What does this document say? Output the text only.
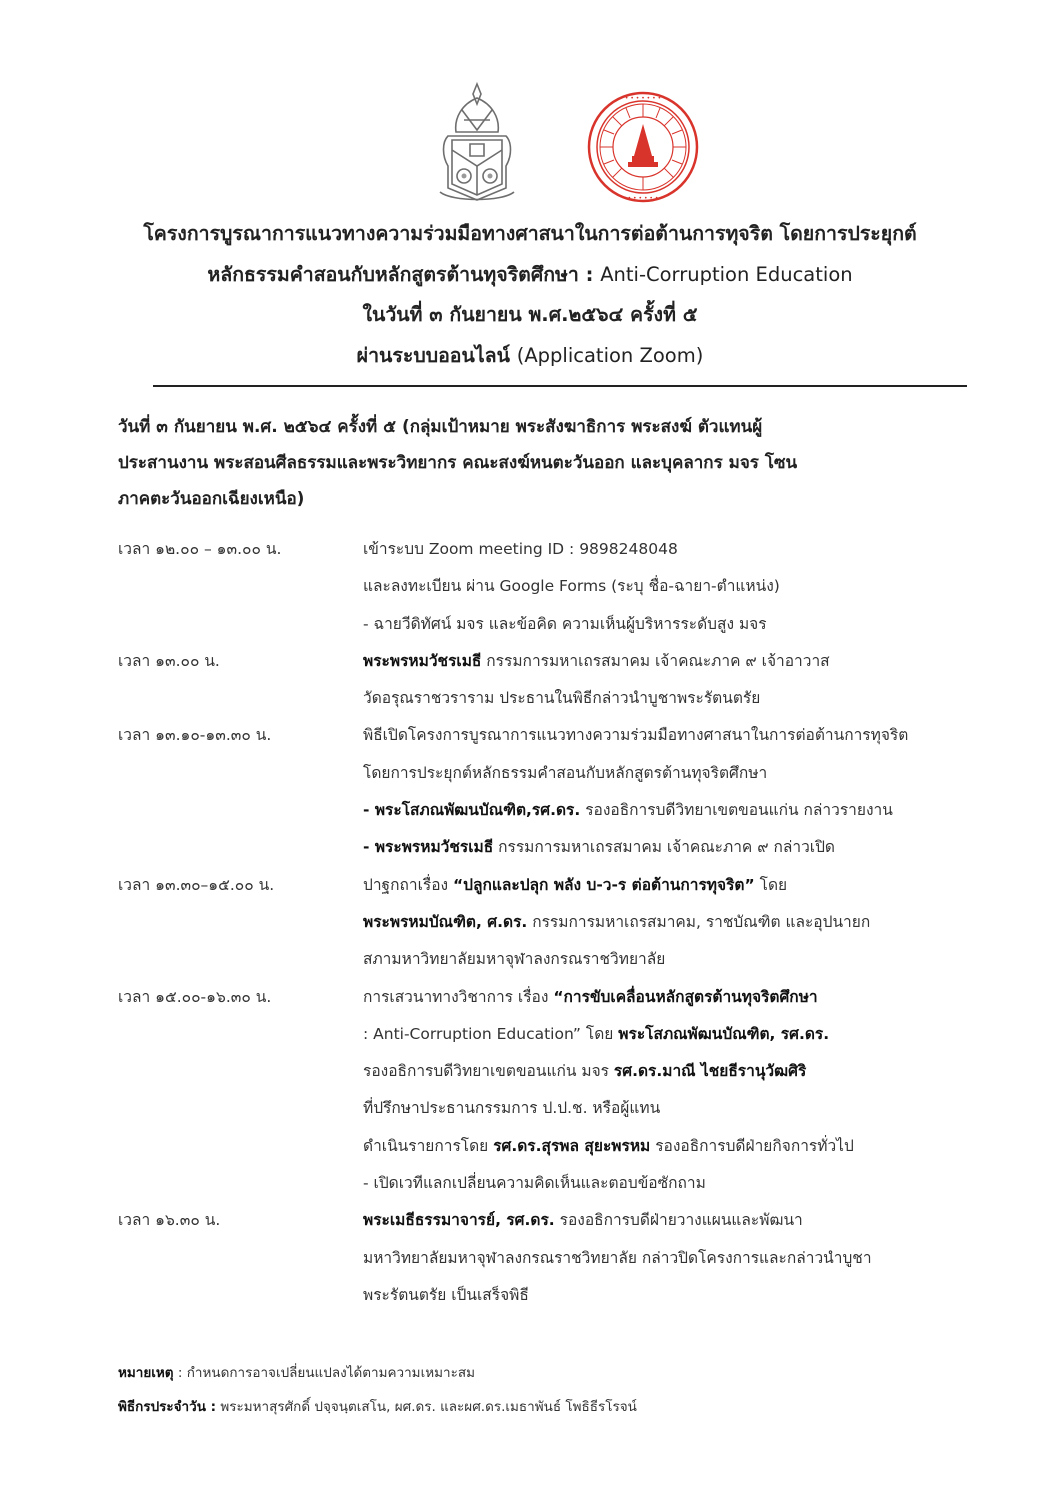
• • • • • • •
• • • • • • • •
โครงการบูรณาการแนวทางความร่วมมือทางศาสนาในการต่อต้านการทุจริต โดยการประยุกต์
หลักธรรมคำสอนกับหลักสูตรต้านทุจริตศึกษา : Anti-Corruption Education
ในวันที่ ๓ กันยายน พ.ศ.๒๕๖๔ ครั้งที่ ๕
ผ่านระบบออนไลน์ (Application Zoom)
วันที่ ๓ กันยายน พ.ศ. ๒๕๖๔ ครั้งที่ ๕ (กลุ่มเป้าหมาย พระสังฆาธิการ พระสงฆ์ ตัวแทนผู้
ประสานงาน พระสอนศีลธรรมและพระวิทยากร คณะสงฆ์หนตะวันออก และบุคลากร มจร โซน
ภาคตะวันออกเฉียงเหนือ)
เวลา ๑๒.๐๐ – ๑๓.๐๐ น.	เข้าระบบ Zoom meeting ID : 9898248048
และลงทะเบียน ผ่าน Google Forms (ระบุ ชื่อ-ฉายา-ตำแหน่ง)
- ฉายวีดิทัศน์ มจร และข้อคิด ความเห็นผู้บริหารระดับสูง มจร
เวลา ๑๓.๐๐ น.	พระพรหมวัชรเมธี กรรมการมหาเถรสมาคม เจ้าคณะภาค ๙ เจ้าอาวาส
วัดอรุณราชวราราม ประธานในพิธีกล่าวนำบูชาพระรัตนตรัย
เวลา ๑๓.๑๐-๑๓.๓๐ น.	พิธีเปิดโครงการบูรณาการแนวทางความร่วมมือทางศาสนาในการต่อต้านการทุจริต
โดยการประยุกต์หลักธรรมคำสอนกับหลักสูตรต้านทุจริตศึกษา
- พระโสภณพัฒนบัณฑิต,รศ.ดร. รองอธิการบดีวิทยาเขตขอนแก่น กล่าวรายงาน
- พระพรหมวัชรเมธี กรรมการมหาเถรสมาคม เจ้าคณะภาค ๙ กล่าวเปิด
เวลา ๑๓.๓๐–๑๕.๐๐ น.	ปาฐกถาเรื่อง “ปลูกและปลุก พลัง บ-ว-ร ต่อต้านการทุจริต” โดย
พระพรหมบัณฑิต, ศ.ดร. กรรมการมหาเถรสมาคม, ราชบัณฑิต และอุปนายก
สภามหาวิทยาลัยมหาจุฬาลงกรณราชวิทยาลัย
เวลา ๑๕.๐๐-๑๖.๓๐ น.	การเสวนาทางวิชาการ เรื่อง “การขับเคลื่อนหลักสูตรต้านทุจริตศึกษา
: Anti-Corruption Education” โดย พระโสภณพัฒนบัณฑิต, รศ.ดร.
รองอธิการบดีวิทยาเขตขอนแก่น มจร รศ.ดร.มาณี ไชยธีรานุวัฒศิริ
ที่ปรึกษาประธานกรรมการ ป.ป.ช. หรือผู้แทน
ดำเนินรายการโดย รศ.ดร.สุรพล สุยะพรหม รองอธิการบดีฝ่ายกิจการทั่วไป
- เปิดเวทีแลกเปลี่ยนความคิดเห็นและตอบข้อซักถาม
เวลา ๑๖.๓๐ น.	พระเมธีธรรมาจารย์, รศ.ดร. รองอธิการบดีฝ่ายวางแผนและพัฒนา
มหาวิทยาลัยมหาจุฬาลงกรณราชวิทยาลัย กล่าวปิดโครงการและกล่าวนำบูชา
พระรัตนตรัย เป็นเสร็จพิธี
หมายเหตุ : กำหนดการอาจเปลี่ยนแปลงได้ตามความเหมาะสม
พิธีกรประจำวัน : พระมหาสุรศักดิ์ ปจฺจนฺตเสโน, ผศ.ดร. และผศ.ดร.เมธาพันธ์ โพธิธีรโรจน์
